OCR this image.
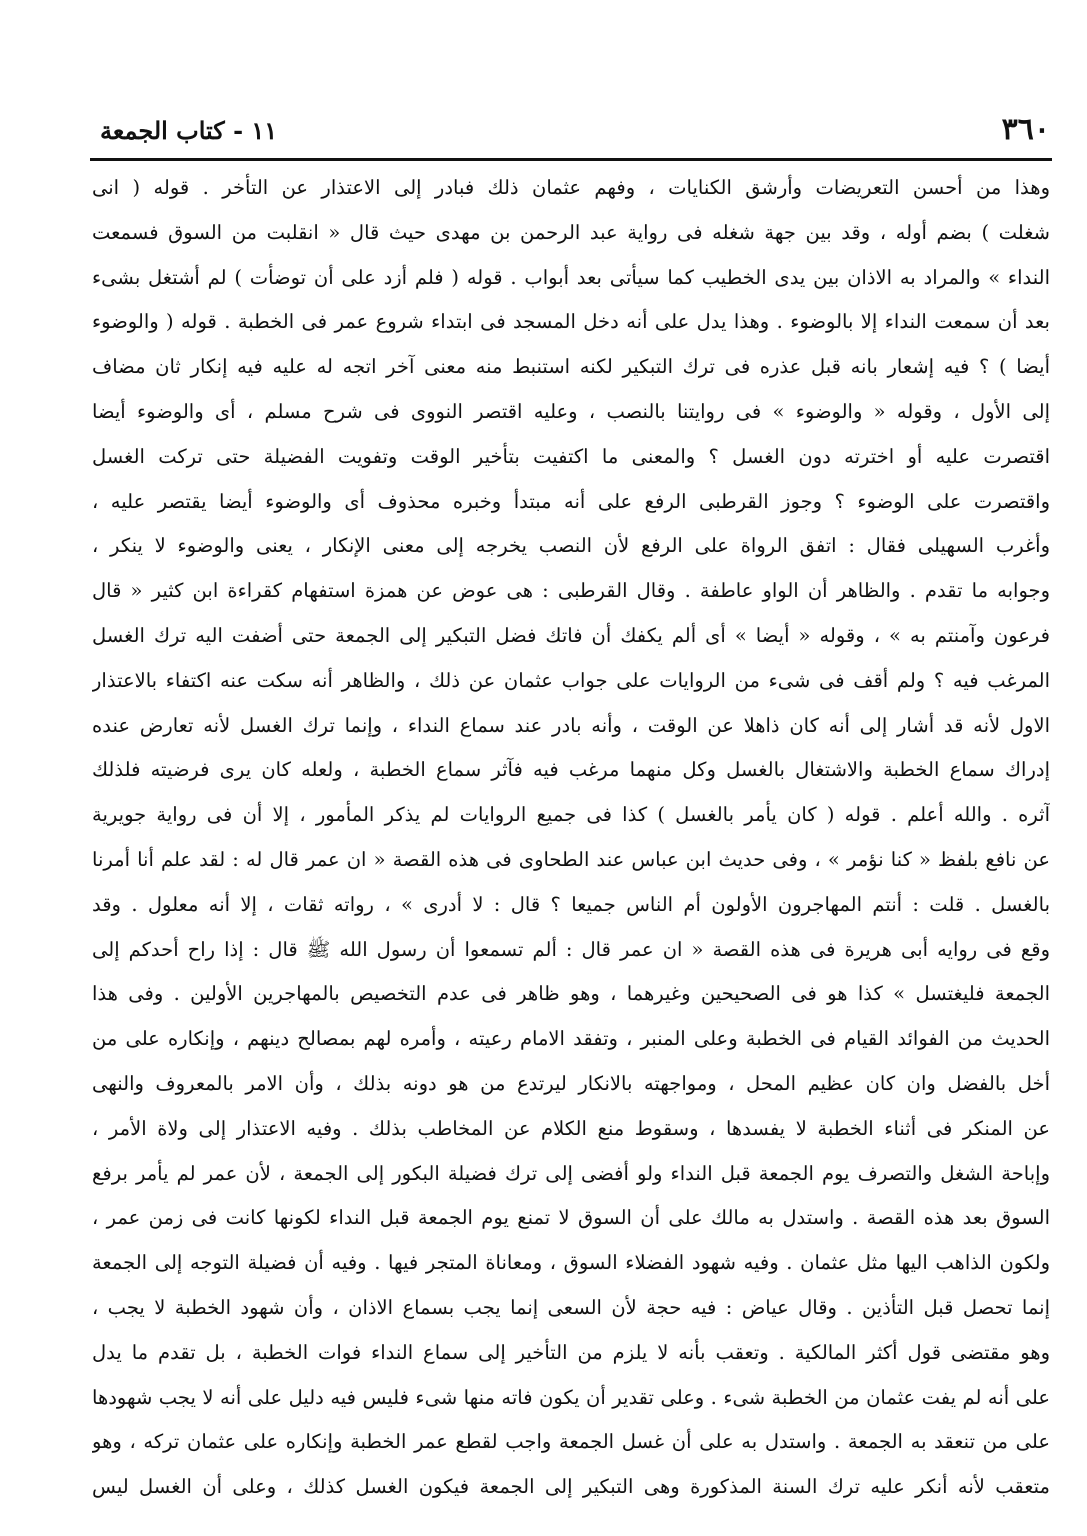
٣٦٠
١١ - كتاب الجمعة
وهذا من أحسن التعريضات وأرشق الكنايات ، وفهم عثمان ذلك فبادر إلى الاعتذار عن التأخر . قوله ( انى
شغلت ) بضم أوله ، وقد بين جهة شغله فى رواية عبد الرحمن بن مهدى حيث قال « انقلبت من السوق فسمعت
النداء » والمراد به الاذان بين يدى الخطيب كما سيأتى بعد أبواب . قوله ( فلم أزد على أن توضأت ) لم أشتغل بشىء
بعد أن سمعت النداء إلا بالوضوء . وهذا يدل على أنه دخل المسجد فى ابتداء شروع عمر فى الخطبة . قوله ( والوضوء
أيضا ) ؟ فيه إشعار بانه قبل عذره فى ترك التبكير لكنه استنبط منه معنى آخر اتجه له عليه فيه إنكار ثان مضاف
إلى الأول ، وقوله « والوضوء » فى روايتنا بالنصب ، وعليه اقتصر النووى فى شرح مسلم ، أى والوضوء أيضا
اقتصرت عليه أو اخترته دون الغسل ؟ والمعنى ما اكتفيت بتأخير الوقت وتفويت الفضيلة حتى تركت الغسل
واقتصرت على الوضوء ؟ وجوز القرطبى الرفع على أنه مبتدأ وخبره محذوف أى والوضوء أيضا يقتصر عليه ،
وأغرب السهيلى فقال : اتفق الرواة على الرفع لأن النصب يخرجه إلى معنى الإنكار ، يعنى والوضوء لا ينكر ،
وجوابه ما تقدم . والظاهر أن الواو عاطفة . وقال القرطبى : هى عوض عن همزة استفهام كقراءة ابن كثير « قال
فرعون وآمنتم به » ، وقوله « أيضا » أى ألم يكفك أن فاتك فضل التبكير إلى الجمعة حتى أضفت اليه ترك الغسل
المرغب فيه ؟ ولم أقف فى شىء من الروايات على جواب عثمان عن ذلك ، والظاهر أنه سكت عنه اكتفاء بالاعتذار
الاول لأنه قد أشار إلى أنه كان ذاهلا عن الوقت ، وأنه بادر عند سماع النداء ، وإنما ترك الغسل لأنه تعارض عنده
إدراك سماع الخطبة والاشتغال بالغسل وكل منهما مرغب فيه فآثر سماع الخطبة ، ولعله كان يرى فرضيته فلذلك
آثره . والله أعلم . قوله ( كان يأمر بالغسل ) كذا فى جميع الروايات لم يذكر المأمور ، إلا أن فى رواية جويرية
عن نافع بلفظ « كنا نؤمر » ، وفى حديث ابن عباس عند الطحاوى فى هذه القصة « ان عمر قال له : لقد علم أنا أمرنا
بالغسل . قلت : أنتم المهاجرون الأولون أم الناس جميعا ؟ قال : لا أدرى » ، رواته ثقات ، إلا أنه معلول . وقد
وقع فى روايه أبى هريرة فى هذه القصة « ان عمر قال : ألم تسمعوا أن رسول الله ﷺ قال : إذا راح أحدكم إلى
الجمعة فليغتسل » كذا هو فى الصحيحين وغيرهما ، وهو ظاهر فى عدم التخصيص بالمهاجرين الأولين . وفى هذا
الحديث من الفوائد القيام فى الخطبة وعلى المنبر ، وتفقد الامام رعيته ، وأمره لهم بمصالح دينهم ، وإنكاره على من
أخل بالفضل وان كان عظيم المحل ، ومواجهته بالانكار ليرتدع من هو دونه بذلك ، وأن الامر بالمعروف والنهى
عن المنكر فى أثناء الخطبة لا يفسدها ، وسقوط منع الكلام عن المخاطب بذلك . وفيه الاعتذار إلى ولاة الأمر ،
وإباحة الشغل والتصرف يوم الجمعة قبل النداء ولو أفضى إلى ترك فضيلة البكور إلى الجمعة ، لأن عمر لم يأمر برفع
السوق بعد هذه القصة . واستدل به مالك على أن السوق لا تمنع يوم الجمعة قبل النداء لكونها كانت فى زمن عمر ،
ولكون الذاهب اليها مثل عثمان . وفيه شهود الفضلاء السوق ، ومعاناة المتجر فيها . وفيه أن فضيلة التوجه إلى الجمعة
إنما تحصل قبل التأذين . وقال عياض : فيه حجة لأن السعى إنما يجب بسماع الاذان ، وأن شهود الخطبة لا يجب ،
وهو مقتضى قول أكثر المالكية . وتعقب بأنه لا يلزم من التأخير إلى سماع النداء فوات الخطبة ، بل تقدم ما يدل
على أنه لم يفت عثمان من الخطبة شىء . وعلى تقدير أن يكون فاته منها شىء فليس فيه دليل على أنه لا يجب شهودها
على من تنعقد به الجمعة . واستدل به على أن غسل الجمعة واجب لقطع عمر الخطبة وإنكاره على عثمان تركه ، وهو
متعقب لأنه أنكر عليه ترك السنة المذكورة وهى التبكير إلى الجمعة فيكون الغسل كذلك ، وعلى أن الغسل ليس
